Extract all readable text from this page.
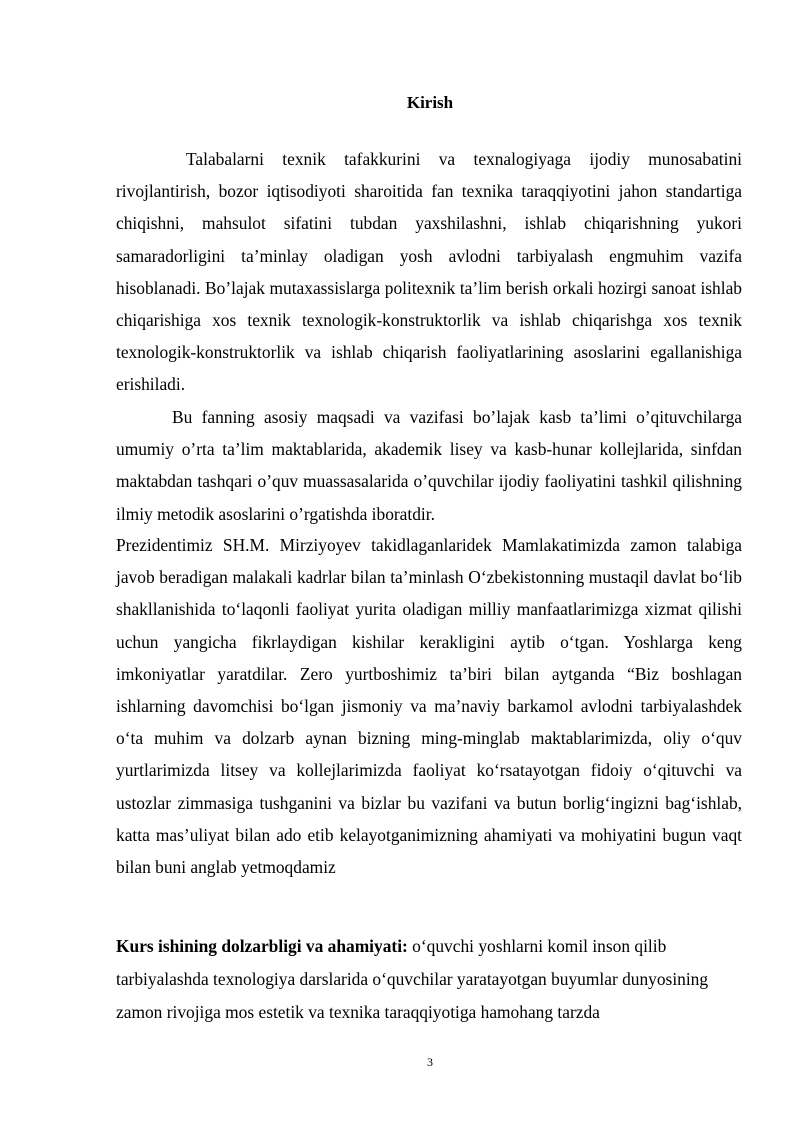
Kirish

Talabalarni texnik tafakkurini va texnalogiyaga ijodiy munosabatini rivojlantirish, bozor iqtisodiyoti sharoitida fan texnika taraqqiyotini jahon standartiga chiqishni, mahsulot sifatini tubdan yaxshilashni, ishlab chiqarishning yukori samaradorligini ta’minlay oladigan yosh avlodni tarbiyalash engmuhim vazifa hisoblanadi. Bo’lajak mutaxassislarga politexnik ta’lim berish orkali hozirgi sanoat ishlab chiqarishiga xos texnik texnologik-konstruktorlik va ishlab chiqarishga xos texnik texnologik-konstruktorlik va ishlab chiqarish faoliyatlarining asoslarini egallanishiga erishiladi.

Bu fanning asosiy maqsadi va vazifasi bo’lajak kasb ta’limi o’qituvchilarga umumiy o’rta ta’lim maktablarida, akademik lisey va kasb-hunar kollejlarida, sinfdan maktabdan tashqari o’quv muassasalarida o’quvchilar ijodiy faoliyatini tashkil qilishning ilmiy metodik asoslarini o’rgatishda iboratdir.

Prezidentimiz SH.M. Mirziyoyev takidlaganlaridek Mamlakatimizda zamon talabiga javob beradigan malakali kadrlar bilan ta’minlash O‘zbekistonning mustaqil davlat bo‘lib shakllanishida to‘laqonli faoliyat yurita oladigan milliy manfaatlarimizga xizmat qilishi uchun yangicha fikrlaydigan kishilar kerakligini aytib o‘tgan. Yoshlarga keng imkoniyatlar yaratdilar. Zero yurtboshimiz ta’biri bilan aytganda “Biz boshlagan ishlarning davomchisi bo‘lgan jismoniy va ma’naviy barkamol avlodni tarbiyalashdek o‘ta muhim va dolzarb aynan bizning ming-minglab maktablarimizda, oliy o‘quv yurtlarimizda litsey va kollejlarimizda faoliyat ko‘rsatayotgan fidoiy o‘qituvchi va ustozlar zimmasiga tushganini va bizlar bu vazifani va butun borlig‘ingizni bag‘ishlab, katta mas’uliyat bilan ado etib kelayotganimizning ahamiyati va mohiyatini bugun vaqt bilan buni anglab yetmoqdamiz

Kurs ishining dolzarbligi va ahamiyati: o‘quvchi yoshlarni komil inson qilib tarbiyalashda texnologiya darslarida o‘quvchilar yaratayotgan buyumlar dunyosining zamon rivojiga mos estetik va texnika taraqqiyotiga hamohang tarzda

3
